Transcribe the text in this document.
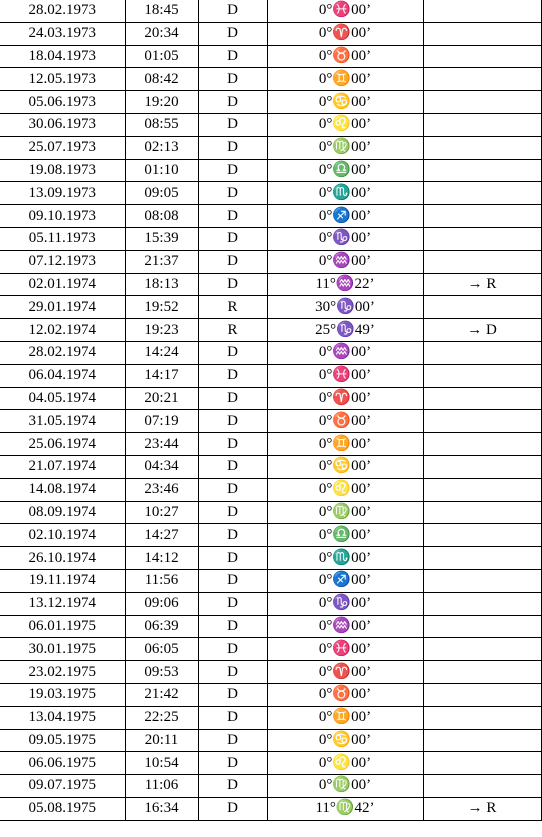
28.02.1973	18:45	D	0°♓00’	
24.03.1973	20:34	D	0°♈00’	
18.04.1973	01:05	D	0°♉00’	
12.05.1973	08:42	D	0°♊00’	
05.06.1973	19:20	D	0°♋00’	
30.06.1973	08:55	D	0°♌00’	
25.07.1973	02:13	D	0°♍00’	
19.08.1973	01:10	D	0°♎00’	
13.09.1973	09:05	D	0°♏00’	
09.10.1973	08:08	D	0°♐00’	
05.11.1973	15:39	D	0°♑00’	
07.12.1973	21:37	D	0°♒00’	
02.01.1974	18:13	D	11°♒22’	→ R
29.01.1974	19:52	R	30°♑00’	
12.02.1974	19:23	R	25°♑49’	→ D
28.02.1974	14:24	D	0°♒00’	
06.04.1974	14:17	D	0°♓00’	
04.05.1974	20:21	D	0°♈00’	
31.05.1974	07:19	D	0°♉00’	
25.06.1974	23:44	D	0°♊00’	
21.07.1974	04:34	D	0°♋00’	
14.08.1974	23:46	D	0°♌00’	
08.09.1974	10:27	D	0°♍00’	
02.10.1974	14:27	D	0°♎00’	
26.10.1974	14:12	D	0°♏00’	
19.11.1974	11:56	D	0°♐00’	
13.12.1974	09:06	D	0°♑00’	
06.01.1975	06:39	D	0°♒00’	
30.01.1975	06:05	D	0°♓00’	
23.02.1975	09:53	D	0°♈00’	
19.03.1975	21:42	D	0°♉00’	
13.04.1975	22:25	D	0°♊00’	
09.05.1975	20:11	D	0°♋00’	
06.06.1975	10:54	D	0°♌00’	
09.07.1975	11:06	D	0°♍00’	
05.08.1975	16:34	D	11°♍42’	→ R
